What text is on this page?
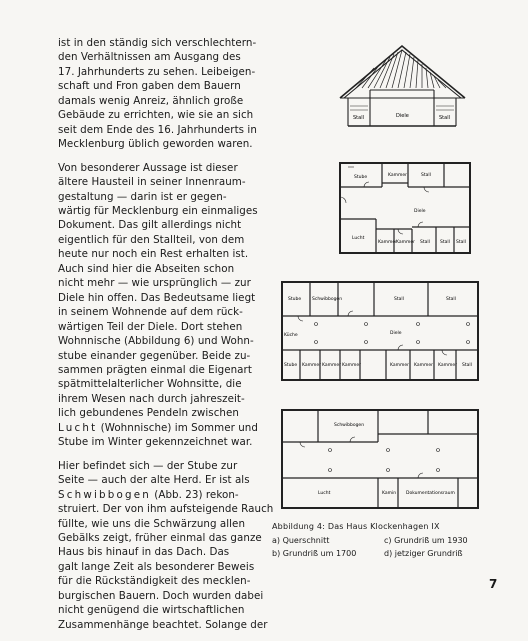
ist in den ständig sich verschlechtern-
den Verhältnissen am Ausgang des
17. Jahrhunderts zu sehen. Leibeigen-
schaft und Fron gaben dem Bauern
damals wenig Anreiz, ähnlich große
Gebäude zu errichten, wie sie an sich
seit dem Ende des 16. Jahrhunderts in
Mecklenburg üblich geworden waren.
Von besonderer Aussage ist dieser
ältere Hausteil in seiner Innenraum-
gestaltung — darin ist er gegen-
wärtig für Mecklenburg ein einmaliges
Dokument. Das gilt allerdings nicht
eigentlich für den Stallteil, von dem
heute nur noch ein Rest erhalten ist.
Auch sind hier die Abseiten schon
nicht mehr — wie ursprünglich — zur
Diele hin offen. Das Bedeutsame liegt
in seinem Wohnende auf dem rück-
wärtigen Teil der Diele. Dort stehen
Wohnnische (Abbildung 6) und Wohn-
stube einander gegenüber. Beide zu-
sammen prägten einmal die Eigenart
spätmittelalterlicher Wohnsitte, die
ihrem Wesen nach durch jahreszeit-
lich gebundenes Pendeln zwischen
Lucht (Wohnnische) im Sommer und
Stube im Winter gekennzeichnet war.
Hier befindet sich — der Stube zur
Seite — auch der alte Herd. Er ist als
Schwibbogen (Abb. 23) rekon-
struiert. Der von ihm aufsteigende Rauch
füllte, wie uns die Schwärzung allen
Gebälks zeigt, früher einmal das ganze
Haus bis hinauf in das Dach. Das
galt lange Zeit als besonderer Beweis
für die Rückständigkeit des mecklen-
burgischen Bauern. Doch wurden dabei
nicht genügend die wirtschaftlichen
Zusammenhänge beachtet. Solange der
Stall	Diele	Stall
Stube	Kammer	Stall
Diele
Lucht
Kammer
Kammer Stall Stall Stall
Stube Schwibbogen	Stall	Stall
Diele
Küche
Stube Kammer Kammer Kammer	Kammer Kammer Kammer Stall
Schwibbogen
Lucht	Kamin Dokumentationsraum
Abbildung 4: Das Haus Klockenhagen IX
a) Querschnitt	c) Grundriß um 1930
b) Grundriß um 1700	d) jetziger Grundriß
7
